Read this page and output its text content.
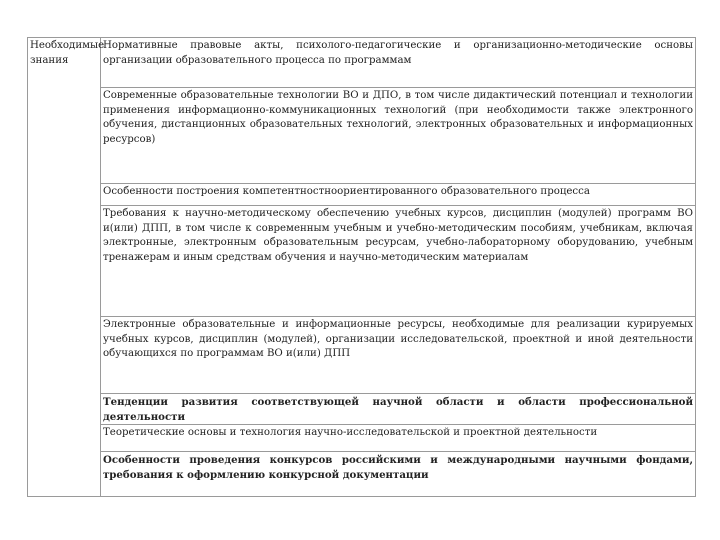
Необходимые знания	Нормативные правовые акты, психолого-педагогические и организационно-методические основы организации образовательного процесса по программам
Современные образовательные технологии ВО и ДПО, в том числе дидактический потенциал и технологии применения информационно-коммуникационных технологий (при необходимости также электронного обучения, дистанционных образовательных технологий, электронных образовательных и информационных ресурсов)
Особенности построения компетентностноориентированного образовательного процесса
Требования к научно-методическому обеспечению учебных курсов, дисциплин (модулей) программ ВО и(или) ДПП, в том числе к современным учебным и учебно-методическим пособиям, учебникам, включая электронные, электронным образовательным ресурсам, учебно-лабораторному оборудованию, учебным тренажерам и иным средствам обучения и научно-методическим материалам
Электронные образовательные и информационные ресурсы, необходимые для реализации курируемых учебных курсов, дисциплин (модулей), организации исследовательской, проектной и иной деятельности обучающихся по программам ВО и(или) ДПП
Тенденции развития соответствующей научной области и области профессиональной деятельности
Теоретические основы и технология научно-исследовательской и проектной деятельности
Особенности проведения конкурсов российскими и международными научными фондами, требования к оформлению конкурсной документации
